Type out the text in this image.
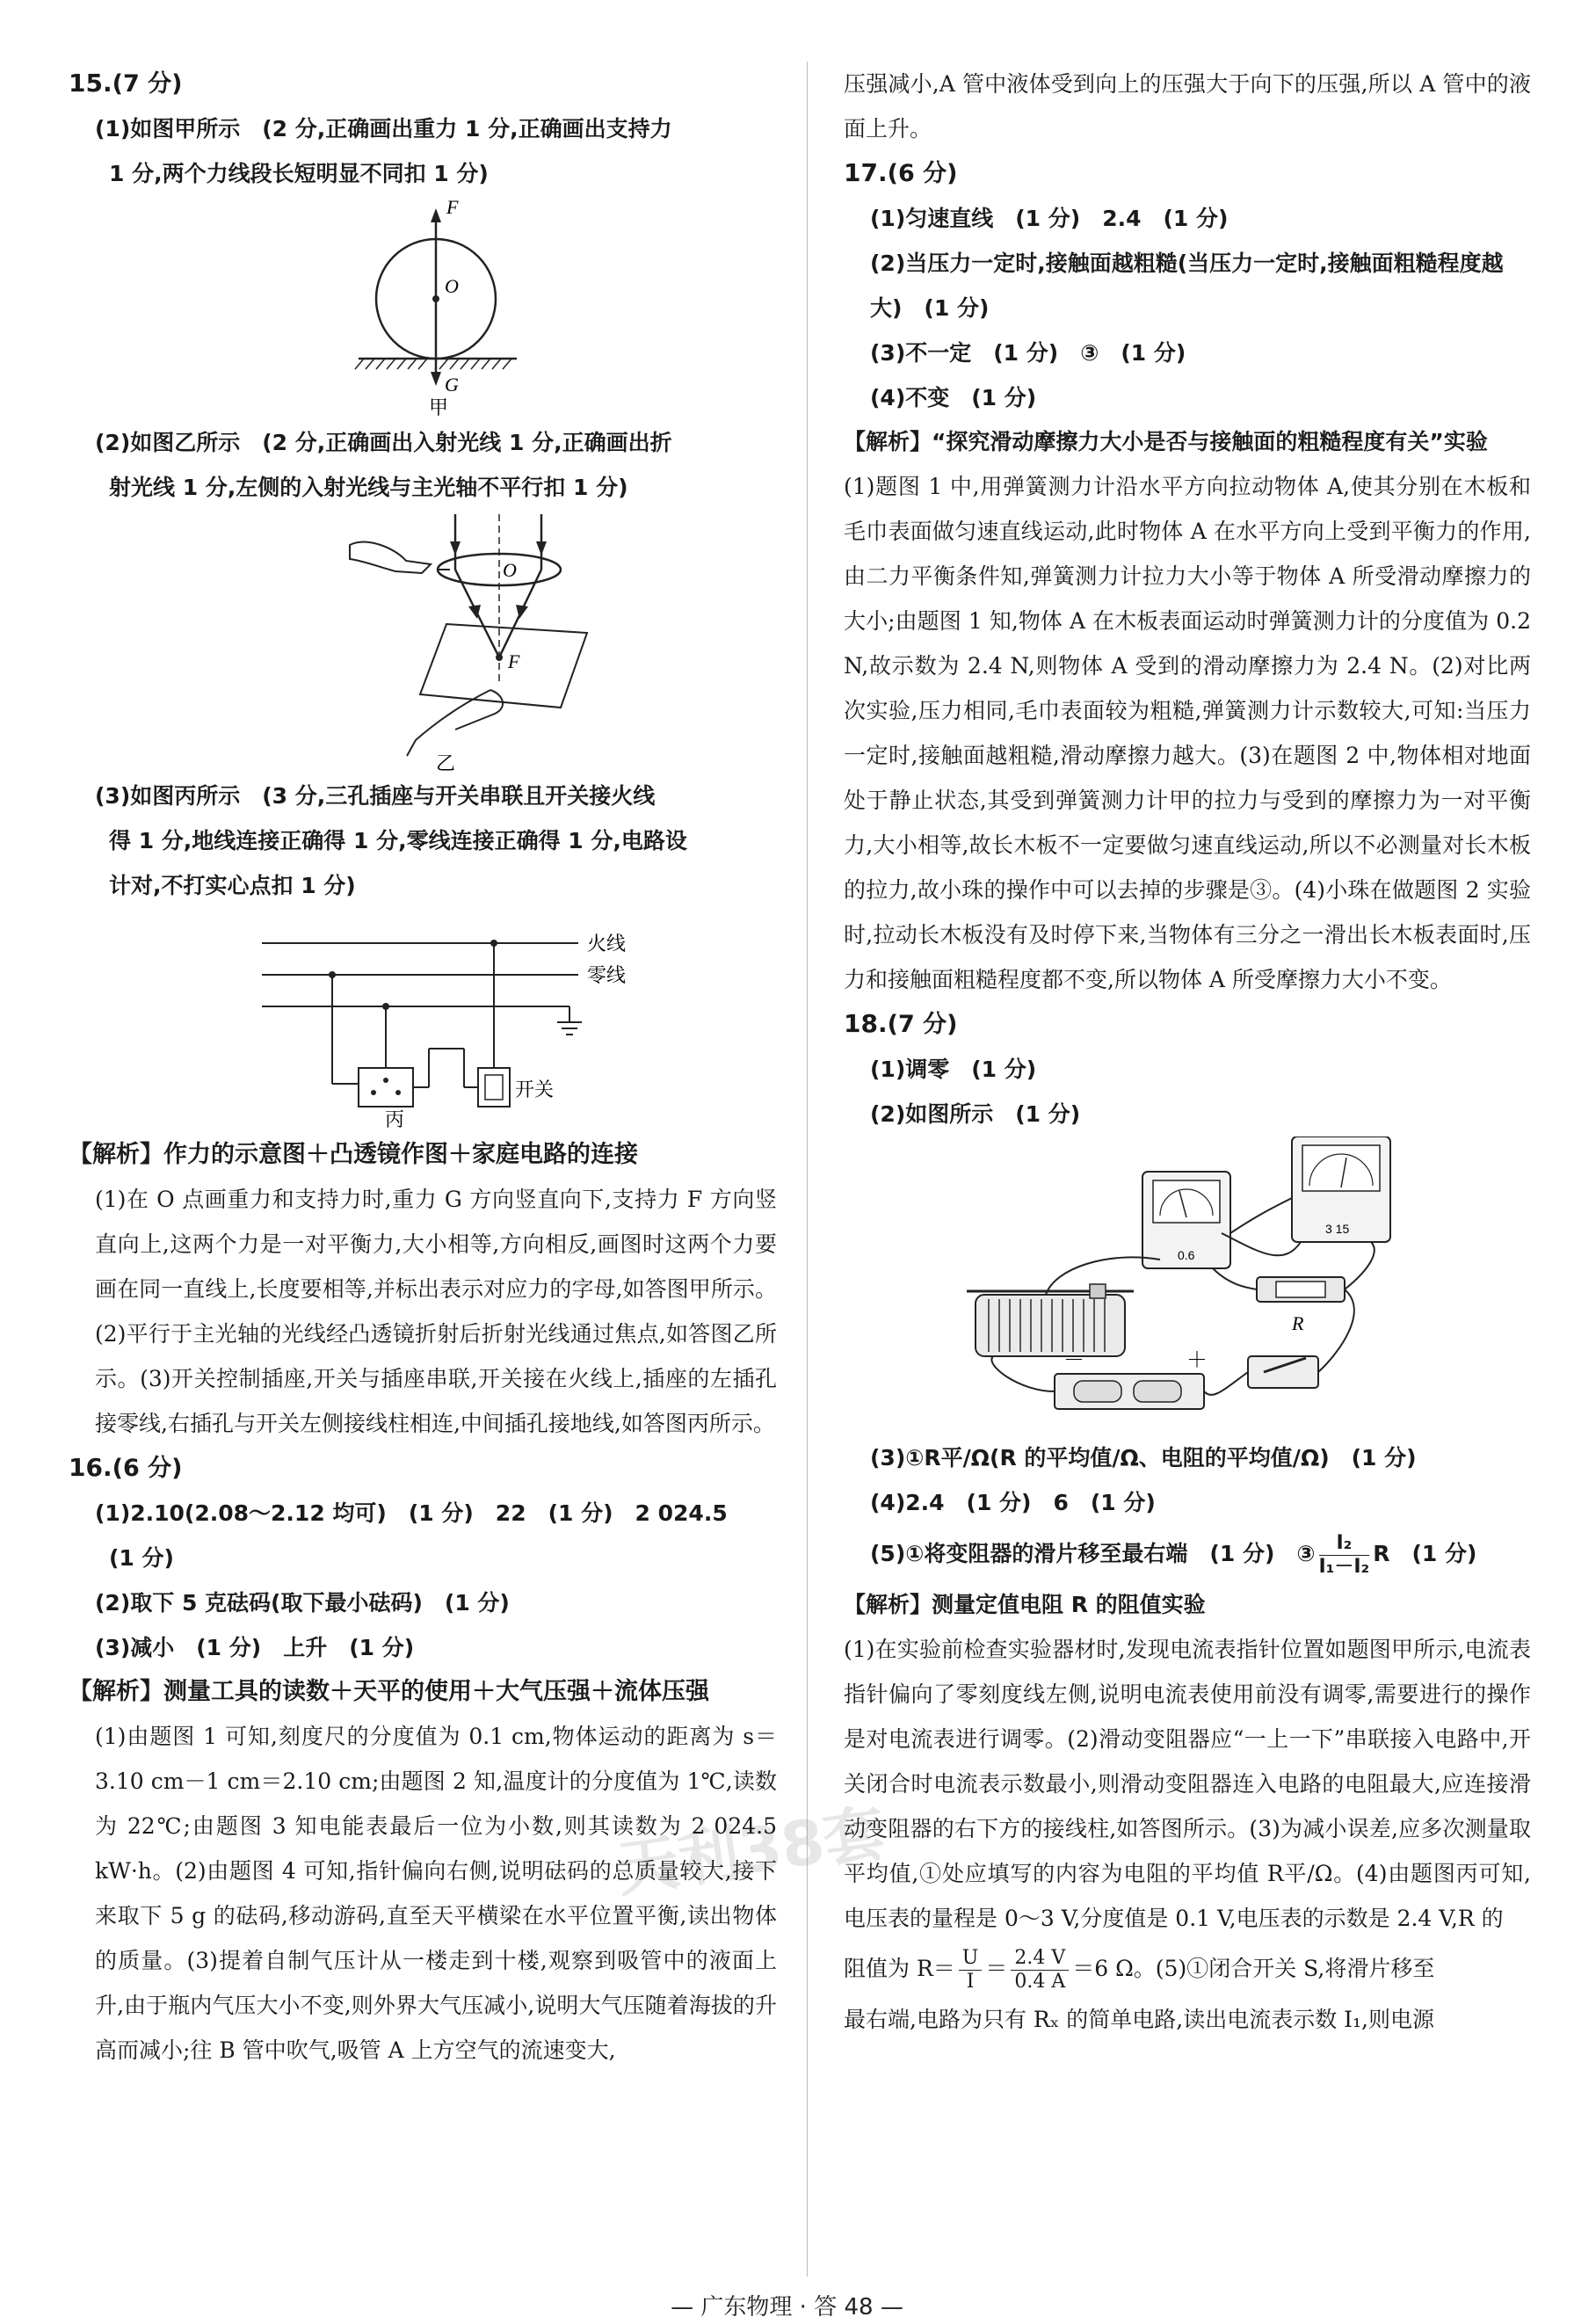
天利38套

15.(7 分)

(1)如图甲所示　(2 分,正确画出重力 1 分,正确画出支持力

1 分,两个力线段长短明显不同扣 1 分)

F
O
G
甲

(2)如图乙所示　(2 分,正确画出入射光线 1 分,正确画出折

射光线 1 分,左侧的入射光线与主光轴不平行扣 1 分)

O
F
乙

(3)如图丙所示　(3 分,三孔插座与开关串联且开关接火线

得 1 分,地线连接正确得 1 分,零线连接正确得 1 分,电路设

计对,不打实心点扣 1 分)

火线
零线
开关
丙

【解析】作力的示意图＋凸透镜作图＋家庭电路的连接

(1)在 O 点画重力和支持力时,重力 G 方向竖直向下,支持力 F 方向竖直向上,这两个力是一对平衡力,大小相等,方向相反,画图时这两个力要画在同一直线上,长度要相等,并标出表示对应力的字母,如答图甲所示。(2)平行于主光轴的光线经凸透镜折射后折射光线通过焦点,如答图乙所示。(3)开关控制插座,开关与插座串联,开关接在火线上,插座的左插孔接零线,右插孔与开关左侧接线柱相连,中间插孔接地线,如答图丙所示。

16.(6 分)

(1)2.10(2.08～2.12 均可)　(1 分)　22　(1 分)　2 024.5

(1 分)

(2)取下 5 克砝码(取下最小砝码)　(1 分)

(3)减小　(1 分)　上升　(1 分)

【解析】测量工具的读数＋天平的使用＋大气压强＋流体压强

(1)由题图 1 可知,刻度尺的分度值为 0.1 cm,物体运动的距离为 s＝3.10 cm－1 cm＝2.10 cm;由题图 2 知,温度计的分度值为 1℃,读数为 22℃;由题图 3 知电能表最后一位为小数,则其读数为 2 024.5 kW·h。(2)由题图 4 可知,指针偏向右侧,说明砝码的总质量较大,接下来取下 5 g 的砝码,移动游码,直至天平横梁在水平位置平衡,读出物体的质量。(3)提着自制气压计从一楼走到十楼,观察到吸管中的液面上升,由于瓶内气压大小不变,则外界大气压减小,说明大气压随着海拔的升高而减小;往 B 管中吹气,吸管 A 上方空气的流速变大,

压强减小,A 管中液体受到向上的压强大于向下的压强,所以 A 管中的液面上升。

17.(6 分)

(1)匀速直线　(1 分)　2.4　(1 分)

(2)当压力一定时,接触面越粗糙(当压力一定时,接触面粗糙程度越大)　(1 分)

(3)不一定　(1 分)　③　(1 分)

(4)不变　(1 分)

【解析】“探究滑动摩擦力大小是否与接触面的粗糙程度有关”实验

(1)题图 1 中,用弹簧测力计沿水平方向拉动物体 A,使其分别在木板和毛巾表面做匀速直线运动,此时物体 A 在水平方向上受到平衡力的作用,由二力平衡条件知,弹簧测力计拉力大小等于物体 A 所受滑动摩擦力的大小;由题图 1 知,物体 A 在木板表面运动时弹簧测力计的分度值为 0.2 N,故示数为 2.4 N,则物体 A 受到的滑动摩擦力为 2.4 N。(2)对比两次实验,压力相同,毛巾表面较为粗糙,弹簧测力计示数较大,可知:当压力一定时,接触面越粗糙,滑动摩擦力越大。(3)在题图 2 中,物体相对地面处于静止状态,其受到弹簧测力计甲的拉力与受到的摩擦力为一对平衡力,大小相等,故长木板不一定要做匀速直线运动,所以不必测量对长木板的拉力,故小珠的操作中可以去掉的步骤是③。(4)小珠在做题图 2 实验时,拉动长木板没有及时停下来,当物体有三分之一滑出长木板表面时,压力和接触面粗糙程度都不变,所以物体 A 所受摩擦力大小不变。

18.(7 分)

(1)调零　(1 分)

(2)如图所示　(1 分)

0.6
3 15
R
－	＋

(3)①R平/Ω(R 的平均值/Ω、电阻的平均值/Ω)　(1 分)

(4)2.4　(1 分)　6　(1 分)

(5)①将变阻器的滑片移至最右端　(1 分)　③ $\frac{\text{I₂}}{\text{I₁－I₂}}$ R　(1 分)

【解析】测量定值电阻 R 的阻值实验

(1)在实验前检查实验器材时,发现电流表指针位置如题图甲所示,电流表指针偏向了零刻度线左侧,说明电流表使用前没有调零,需要进行的操作是对电流表进行调零。(2)滑动变阻器应“一上一下”串联接入电路中,开关闭合时电流表示数最小,则滑动变阻器连入电路的电阻最大,应连接滑动变阻器的右下方的接线柱,如答图所示。(3)为减小误差,应多次测量取平均值,①处应填写的内容为电阻的平均值 R平/Ω。(4)由题图丙可知,电压表的量程是 0～3 V,分度值是 0.1 V,电压表的示数是 2.4 V,R 的

阻值为 $R= \frac{U}{I} = \frac{2.4 V}{0.4 A} =6$ Ω。(5)①闭合开关 S,将滑片移至

最右端,电路为只有 Rₓ 的简单电路,读出电流表示数 I₁,则电源

— 广东物理 · 答 48 —
